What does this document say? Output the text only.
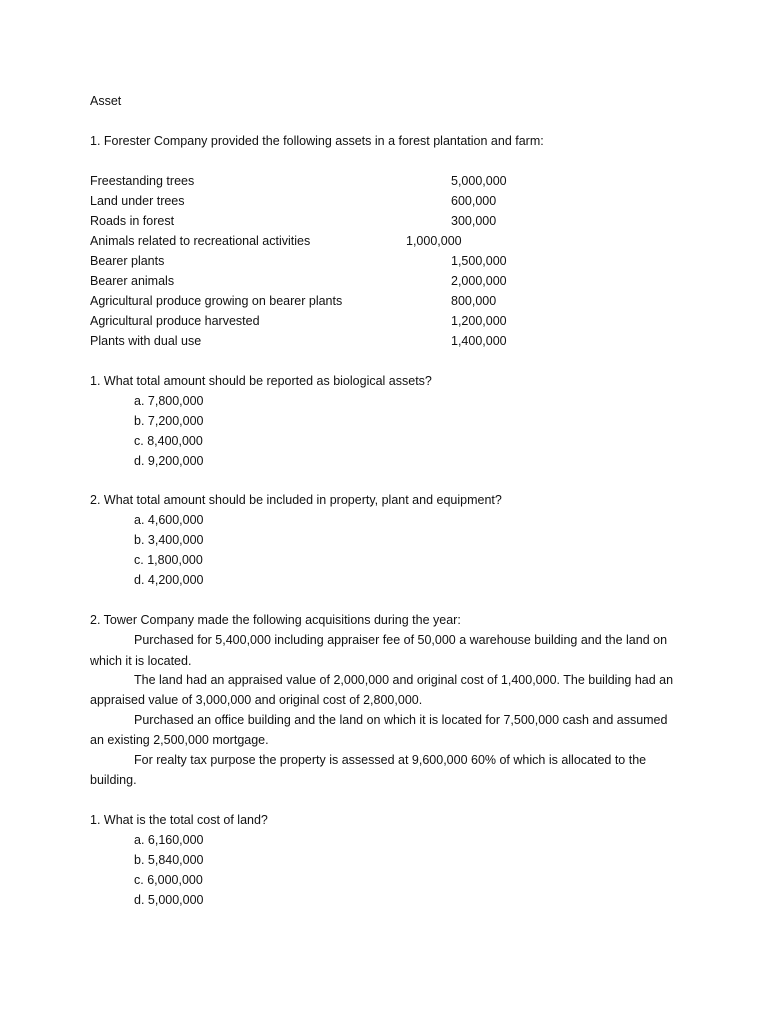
Asset
1. Forester Company provided the following assets in a forest plantation and farm:
Freestanding trees	5,000,000
Land under trees	600,000
Roads in forest	300,000
Animals related to recreational activities	1,000,000
Bearer plants	1,500,000
Bearer animals	2,000,000
Agricultural produce growing on bearer plants	800,000
Agricultural produce harvested	1,200,000
Plants with dual use	1,400,000
1. What total amount should be reported as biological assets?
a. 7,800,000
b. 7,200,000
c. 8,400,000
d. 9,200,000
2. What total amount should be included in property, plant and equipment?
a. 4,600,000
b. 3,400,000
c. 1,800,000
d. 4,200,000
2. Tower Company made the following acquisitions during the year:
Purchased for 5,400,000 including appraiser fee of 50,000 a warehouse building and the land on
which it is located.
The land had an appraised value of 2,000,000 and original cost of 1,400,000. The building had an
appraised value of 3,000,000 and original cost of 2,800,000.
Purchased an office building and the land on which it is located for 7,500,000 cash and assumed
an existing 2,500,000 mortgage.
For realty tax purpose the property is assessed at 9,600,000 60% of which is allocated to the
building.
1. What is the total cost of land?
a. 6,160,000
b. 5,840,000
c. 6,000,000
d. 5,000,000
